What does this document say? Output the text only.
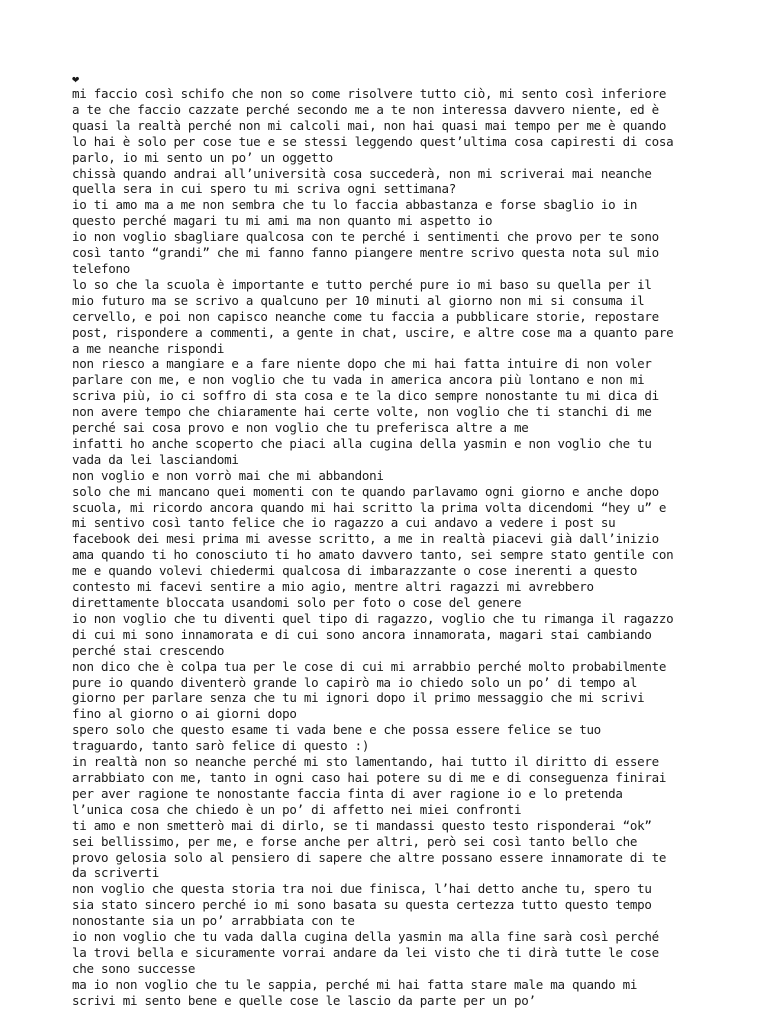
❤

mi faccio così schifo che non so come risolvere tutto ciò, mi sento così inferiore
a te che faccio cazzate perché secondo me a te non interessa davvero niente, ed è
quasi la realtà perché non mi calcoli mai, non hai quasi mai tempo per me è quando
lo hai è solo per cose tue e se stessi leggendo quest’ultima cosa capiresti di cosa
parlo, io mi sento un po’ un oggetto

chissà quando andrai all’università cosa succederà, non mi scriverai mai neanche
quella sera in cui spero tu mi scriva ogni settimana?

io ti amo ma a me non sembra che tu lo faccia abbastanza e forse sbaglio io in
questo perché magari tu mi ami ma non quanto mi aspetto io

io non voglio sbagliare qualcosa con te perché i sentimenti che provo per te sono
così tanto “grandi” che mi fanno fanno piangere mentre scrivo questa nota sul mio
telefono

lo so che la scuola è importante e tutto perché pure io mi baso su quella per il
mio futuro ma se scrivo a qualcuno per 10 minuti al giorno non mi si consuma il
cervello, e poi non capisco neanche come tu faccia a pubblicare storie, repostare
post, rispondere a commenti, a gente in chat, uscire, e altre cose ma a quanto pare
a me neanche rispondi

non riesco a mangiare e a fare niente dopo che mi hai fatta intuire di non voler
parlare con me, e non voglio che tu vada in america ancora più lontano e non mi
scriva più, io ci soffro di sta cosa e te la dico sempre nonostante tu mi dica di
non avere tempo che chiaramente hai certe volte, non voglio che ti stanchi di me
perché sai cosa provo e non voglio che tu preferisca altre a me

infatti ho anche scoperto che piaci alla cugina della yasmin e non voglio che tu
vada da lei lasciandomi

non voglio e non vorrò mai che mi abbandoni

solo che mi mancano quei momenti con te quando parlavamo ogni giorno e anche dopo
scuola, mi ricordo ancora quando mi hai scritto la prima volta dicendomi “hey u” e
mi sentivo così tanto felice che io ragazzo a cui andavo a vedere i post su
facebook dei mesi prima mi avesse scritto, a me in realtà piacevi già dall’inizio
ama quando ti ho conosciuto ti ho amato davvero tanto, sei sempre stato gentile con
me e quando volevi chiedermi qualcosa di imbarazzante o cose inerenti a questo
contesto mi facevi sentire a mio agio, mentre altri ragazzi mi avrebbero
direttamente bloccata usandomi solo per foto o cose del genere

io non voglio che tu diventi quel tipo di ragazzo, voglio che tu rimanga il ragazzo
di cui mi sono innamorata e di cui sono ancora innamorata, magari stai cambiando
perché stai crescendo

non dico che è colpa tua per le cose di cui mi arrabbio perché molto probabilmente
pure io quando diventerò grande lo capirò ma io chiedo solo un po’ di tempo al
giorno per parlare senza che tu mi ignori dopo il primo messaggio che mi scrivi
fino al giorno o ai giorni dopo

spero solo che questo esame ti vada bene e che possa essere felice se tuo
traguardo, tanto sarò felice di questo :)

in realtà non so neanche perché mi sto lamentando, hai tutto il diritto di essere
arrabbiato con me, tanto in ogni caso hai potere su di me e di conseguenza finirai
per aver ragione te nonostante faccia finta di aver ragione io e lo pretenda
l’unica cosa che chiedo è un po’ di affetto nei miei confronti

ti amo e non smetterò mai di dirlo, se ti mandassi questo testo risponderai “ok”
sei bellissimo, per me, e forse anche per altri, però sei così tanto bello che
provo gelosia solo al pensiero di sapere che altre possano essere innamorate di te
da scriverti

non voglio che questa storia tra noi due finisca, l’hai detto anche tu, spero tu
sia stato sincero perché io mi sono basata su questa certezza tutto questo tempo
nonostante sia un po’ arrabbiata con te

io non voglio che tu vada dalla cugina della yasmin ma alla fine sarà così perché
la trovi bella e sicuramente vorrai andare da lei visto che ti dirà tutte le cose
che sono successe

ma io non voglio che tu le sappia, perché mi hai fatta stare male ma quando mi
scrivi mi sento bene e quelle cose le lascio da parte per un po’
